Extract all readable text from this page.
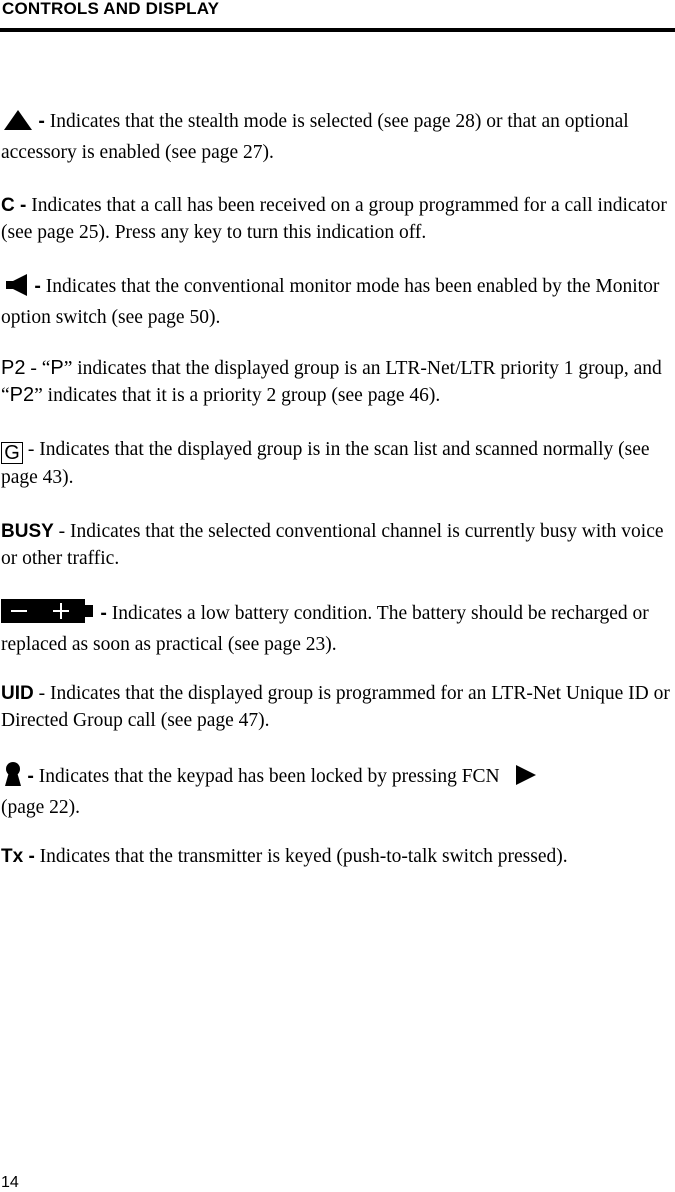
CONTROLS AND DISPLAY
- Indicates that the stealth mode is selected (see page 28) or that an optional accessory is enabled (see page 27).
C - Indicates that a call has been received on a group programmed for a call indicator (see page 25). Press any key to turn this indication off.
- Indicates that the conventional monitor mode has been enabled by the Monitor option switch (see page 50).
P2 - “P” indicates that the displayed group is an LTR-Net/LTR priority 1 group, and “P2” indicates that it is a priority 2 group (see page 46).
G - Indicates that the displayed group is in the scan list and scanned normally (see page 43).
BUSY - Indicates that the selected conventional channel is currently busy with voice or other traffic.
- Indicates a low battery condition. The battery should be recharged or replaced as soon as practical (see page 23).
UID - Indicates that the displayed group is programmed for an LTR-Net Unique ID or Directed Group call (see page 47).
- Indicates that the keypad has been locked by pressing FCN
(page 22).
Tx - Indicates that the transmitter is keyed (push-to-talk switch pressed).
14
